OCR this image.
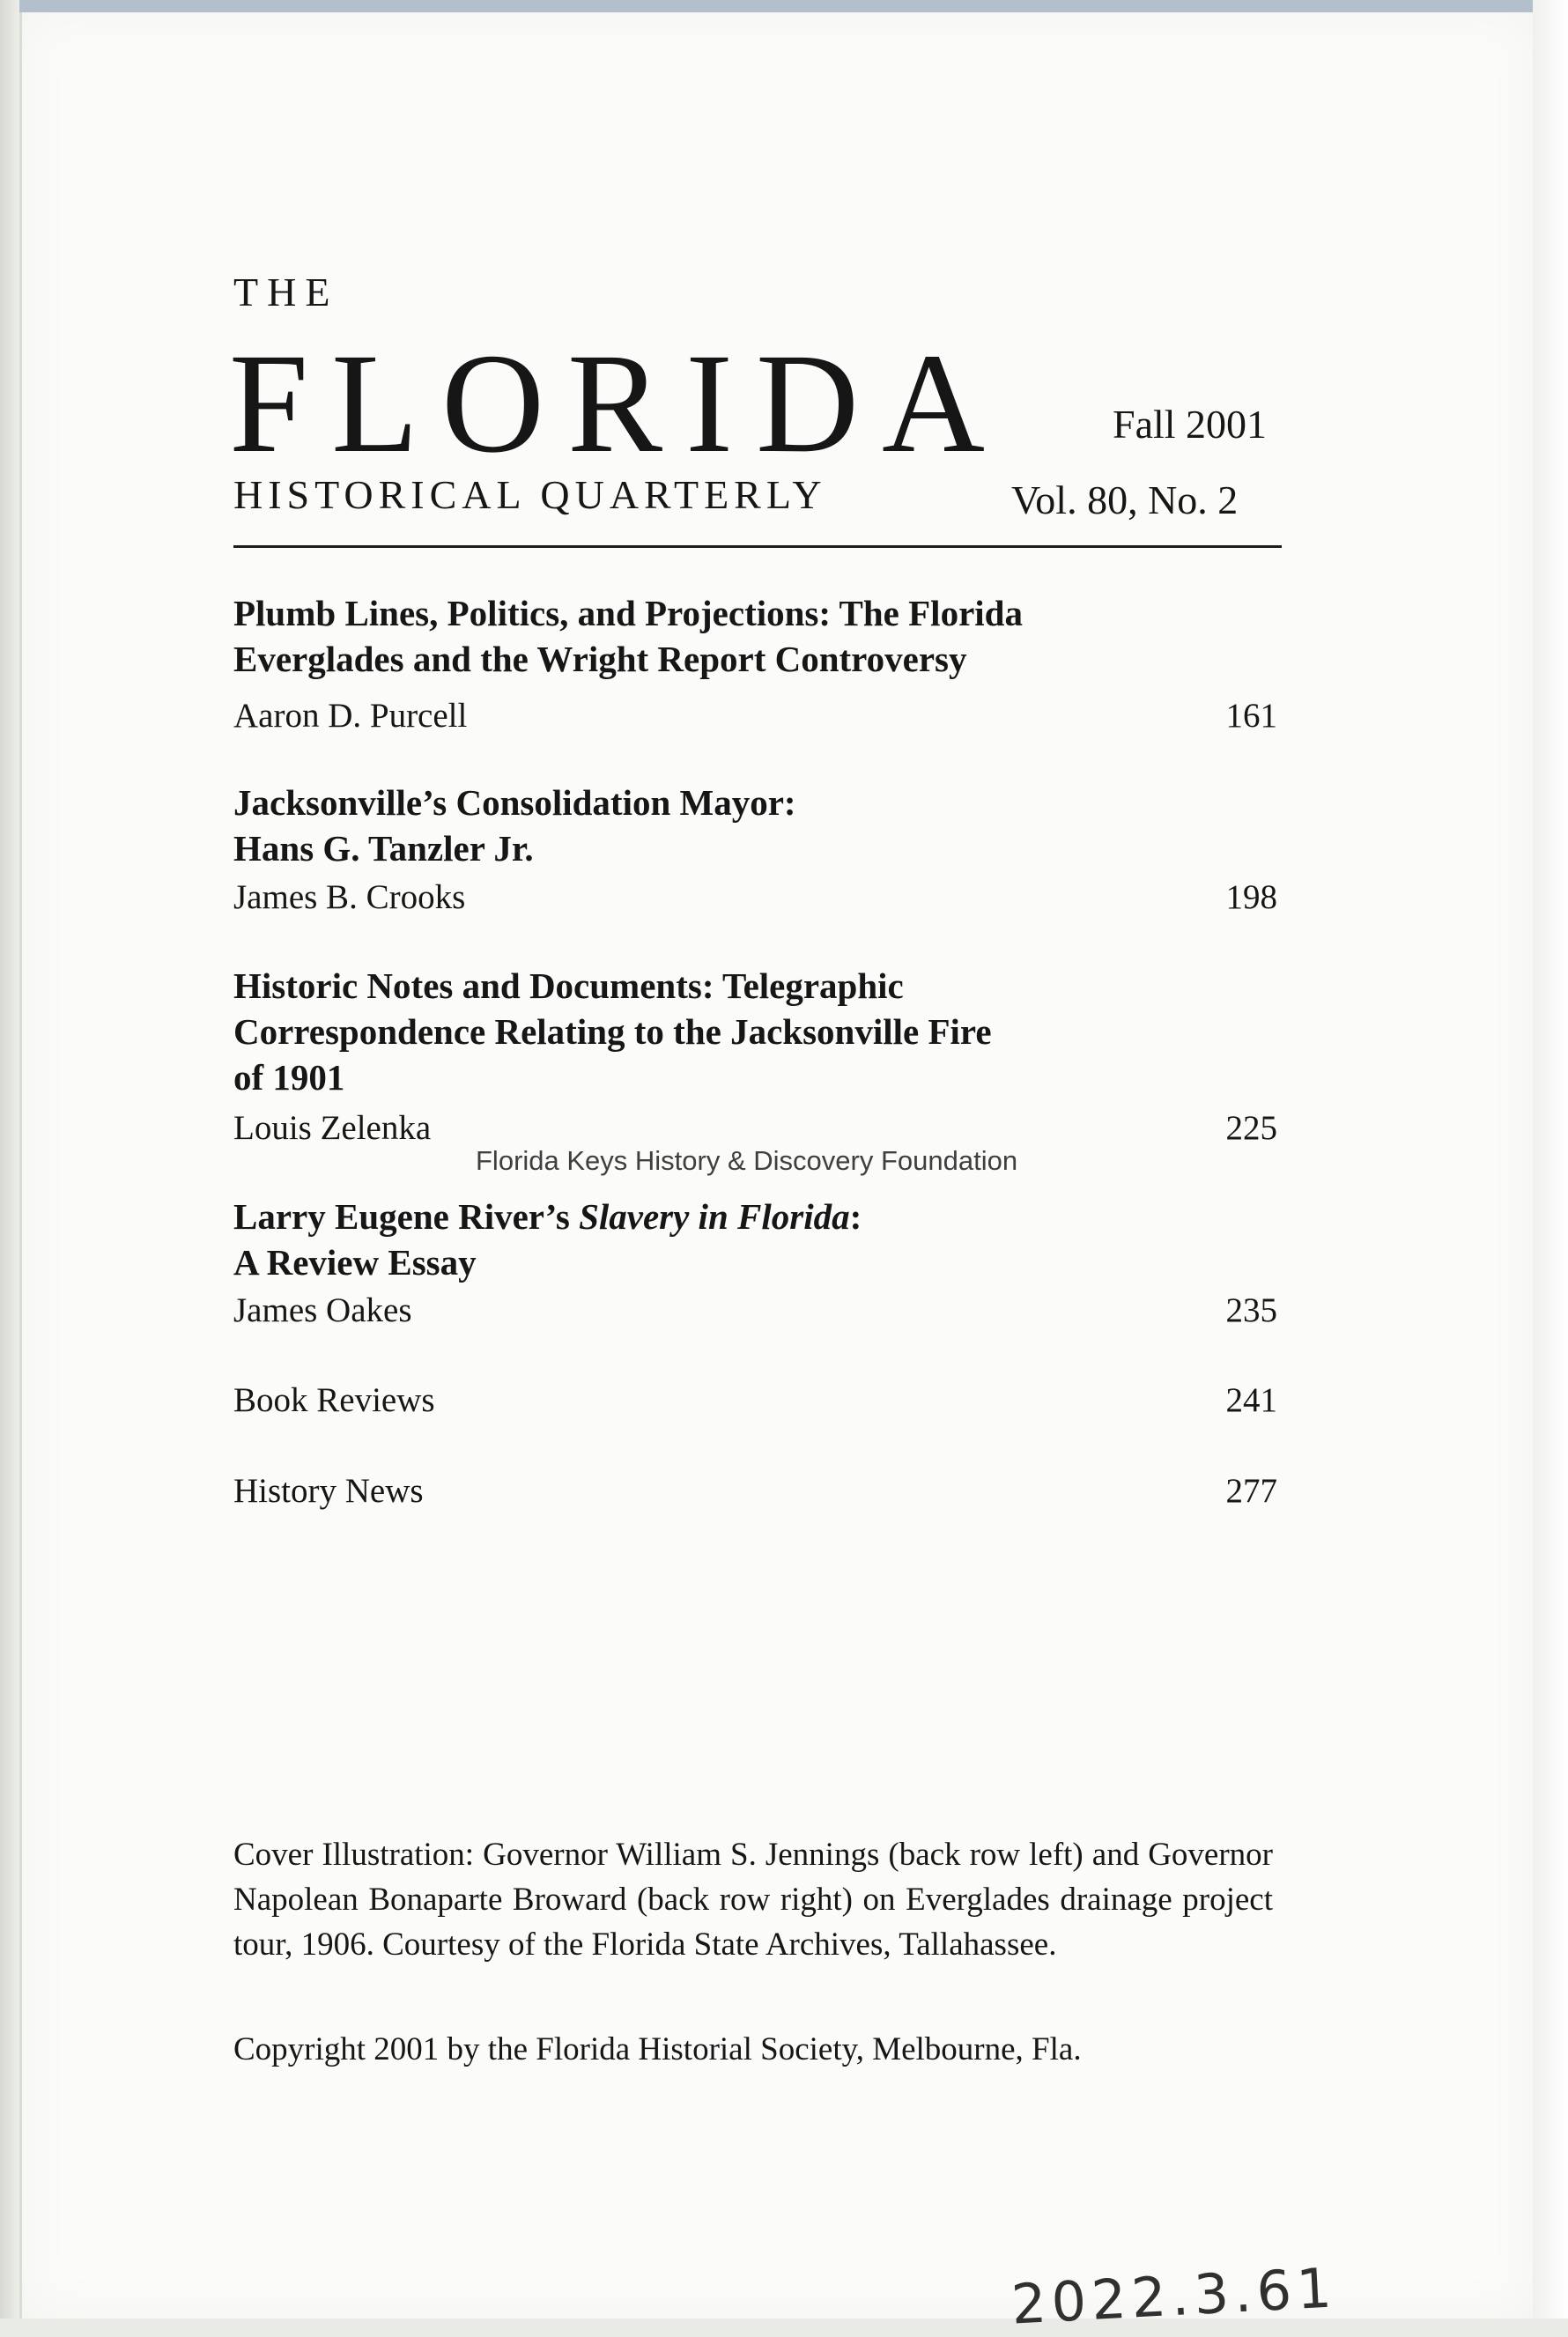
THE
FLORIDA	Fall 2001
HISTORICAL QUARTERLY	Vol. 80, No. 2
Plumb Lines, Politics, and Projections: The Florida
Everglades and the Wright Report Controversy
Aaron D. Purcell	161
Jacksonville’s Consolidation Mayor:
Hans G. Tanzler Jr.
James B. Crooks	198
Historic Notes and Documents: Telegraphic
Correspondence Relating to the Jacksonville Fire
of 1901
Louis Zelenka	225
Florida Keys History & Discovery Foundation
Larry Eugene River’s Slavery in Florida:
A Review Essay
James Oakes	235
Book Reviews	241
History News	277
Cover Illustration: Governor William S. Jennings (back row left) and Governor Napolean Bonaparte Broward (back row right) on Everglades drainage project tour, 1906. Courtesy of the Florida State Archives, Tallahassee.
Copyright 2001 by the Florida Historial Society, Melbourne, Fla.
2022.3.61
